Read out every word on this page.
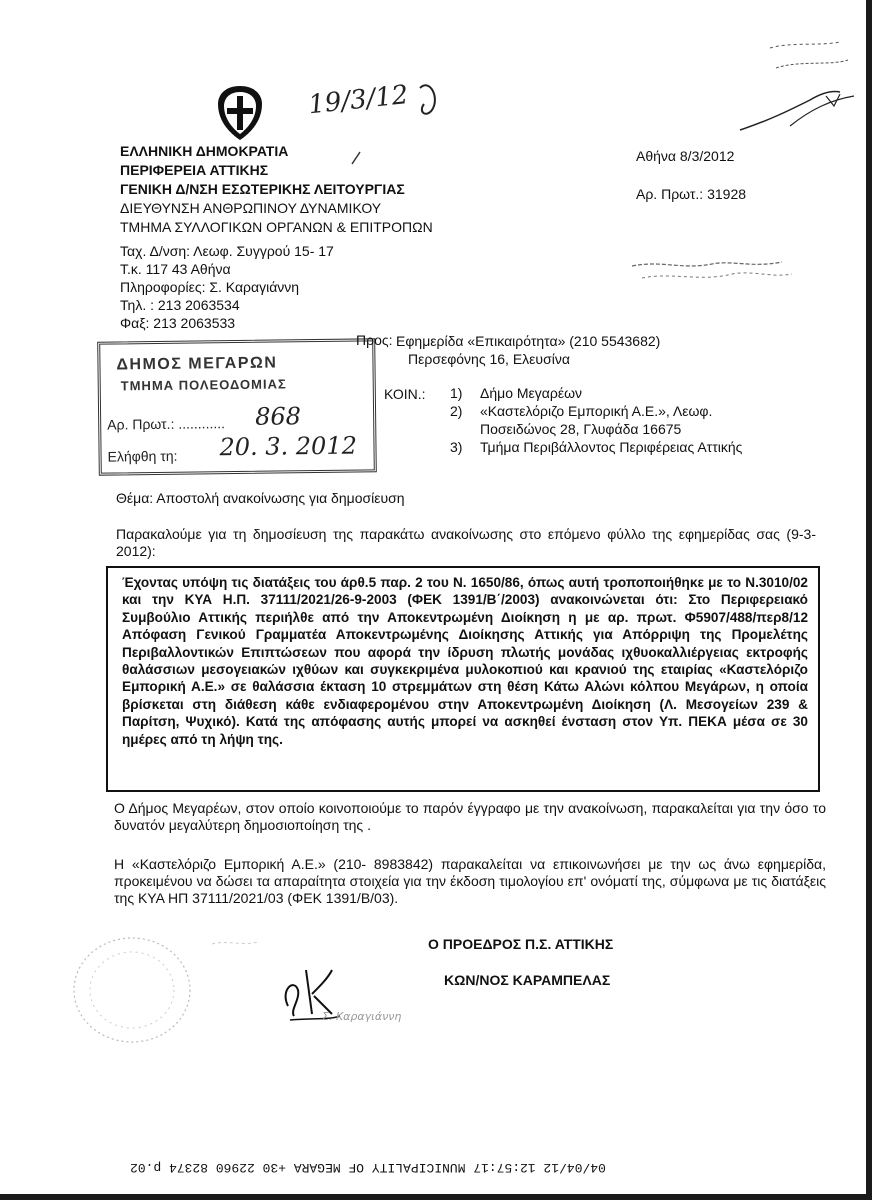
ΕΛΛΗΝΙΚΗ ΔΗΜΟΚΡΑΤΙΑ
ΠΕΡΙΦΕΡΕΙΑ ΑΤΤΙΚΗΣ
ΓΕΝΙΚΗ Δ/ΝΣΗ ΕΣΩΤΕΡΙΚΗΣ ΛΕΙΤΟΥΡΓΙΑΣ
ΔΙΕΥΘΥΝΣΗ ΑΝΘΡΩΠΙΝΟΥ ΔΥΝΑΜΙΚΟΥ
ΤΜΗΜΑ ΣΥΛΛΟΓΙΚΩΝ ΟΡΓΑΝΩΝ & ΕΠΙΤΡΟΠΩΝ
Ταχ. Δ/νση: Λεωφ. Συγγρού 15- 17
Τ.κ. 117 43 Αθήνα
Πληροφορίες: Σ. Καραγιάννη
Τηλ. : 213 2063534
Φαξ: 213 2063533
Αθήνα 8/3/2012
Αρ. Πρωτ.: 31928
19/3/12
ΔΗΜΟΣ ΜΕΓΑΡΩΝ
ΤΜΗΜΑ ΠΟΛΕΟΔΟΜΙΑΣ
Αρ. Πρωτ.: ............ 868
Ελήφθη τη: 20. 3. 2012
Προς: Εφημερίδα «Επικαιρότητα» (210 5543682)
Περσεφόνης 16, Ελευσίνα
ΚΟΙΝ.: 1)	Δήμο Μεγαρέων
2)	«Καστελόριζο Εμπορική Α.Ε.», Λεωφ. Ποσειδώνος 28, Γλυφάδα 16675
3)	Τμήμα Περιβάλλοντος Περιφέρειας Αττικής
Θέμα: Αποστολή ανακοίνωσης για δημοσίευση
Παρακαλούμε για τη δημοσίευση της παρακάτω ανακοίνωσης στο επόμενο φύλλο της εφημερίδας σας (9-3-2012):
Έχοντας υπόψη τις διατάξεις του άρθ.5 παρ. 2 του Ν. 1650/86, όπως αυτή τροποποιήθηκε με το Ν.3010/02 και την ΚΥΑ Η.Π. 37111/2021/26-9-2003 (ΦΕΚ 1391/Β΄/2003) ανακοινώνεται ότι: Στο Περιφερειακό Συμβούλιο Αττικής περιήλθε από την Αποκεντρωμένη Διοίκηση η με αρ. πρωτ. Φ5907/488/περ8/12 Απόφαση Γενικού Γραμματέα Αποκεντρωμένης Διοίκησης Αττικής για Απόρριψη της Προμελέτης Περιβαλλοντικών Επιπτώσεων που αφορά την ίδρυση πλωτής μονάδας ιχθυοκαλλιέργειας εκτροφής θαλάσσιων μεσογειακών ιχθύων και συγκεκριμένα μυλοκοπιού και κρανιού της εταιρίας «Καστελόριζο Εμπορική Α.Ε.» σε θαλάσσια έκταση 10 στρεμμάτων στη θέση Κάτω Αλώνι κόλπου Μεγάρων, η οποία βρίσκεται στη διάθεση κάθε ενδιαφερομένου στην Αποκεντρωμένη Διοίκηση (Λ. Μεσογείων 239 & Παρίτση, Ψυχικό). Κατά της απόφασης αυτής μπορεί να ασκηθεί ένσταση στον Υπ. ΠΕΚΑ μέσα σε 30 ημέρες από τη λήψη της.
Ο Δήμος Μεγαρέων, στον οποίο κοινοποιούμε το παρόν έγγραφο με την ανακοίνωση, παρακαλείται για την όσο το δυνατόν μεγαλύτερη δημοσιοποίηση της .
Η «Καστελόριζο Εμπορική Α.Ε.» (210- 8983842) παρακαλείται να επικοινωνήσει με την ως άνω εφημερίδα, προκειμένου να δώσει τα απαραίτητα στοιχεία για την έκδοση τιμολογίου επ' ονόματί της, σύμφωνα με τις διατάξεις της ΚΥΑ ΗΠ 37111/2021/03 (ΦΕΚ 1391/Β/03).
Ο ΠΡΟΕΔΡΟΣ Π.Σ. ΑΤΤΙΚΗΣ
ΚΩΝ/ΝΟΣ ΚΑΡΑΜΠΕΛΑΣ
Σ. Καραγιάννη
04/04/12 12:57:17 MUNICIPALITY OF MEGARA +30 22960 82374 p.02
